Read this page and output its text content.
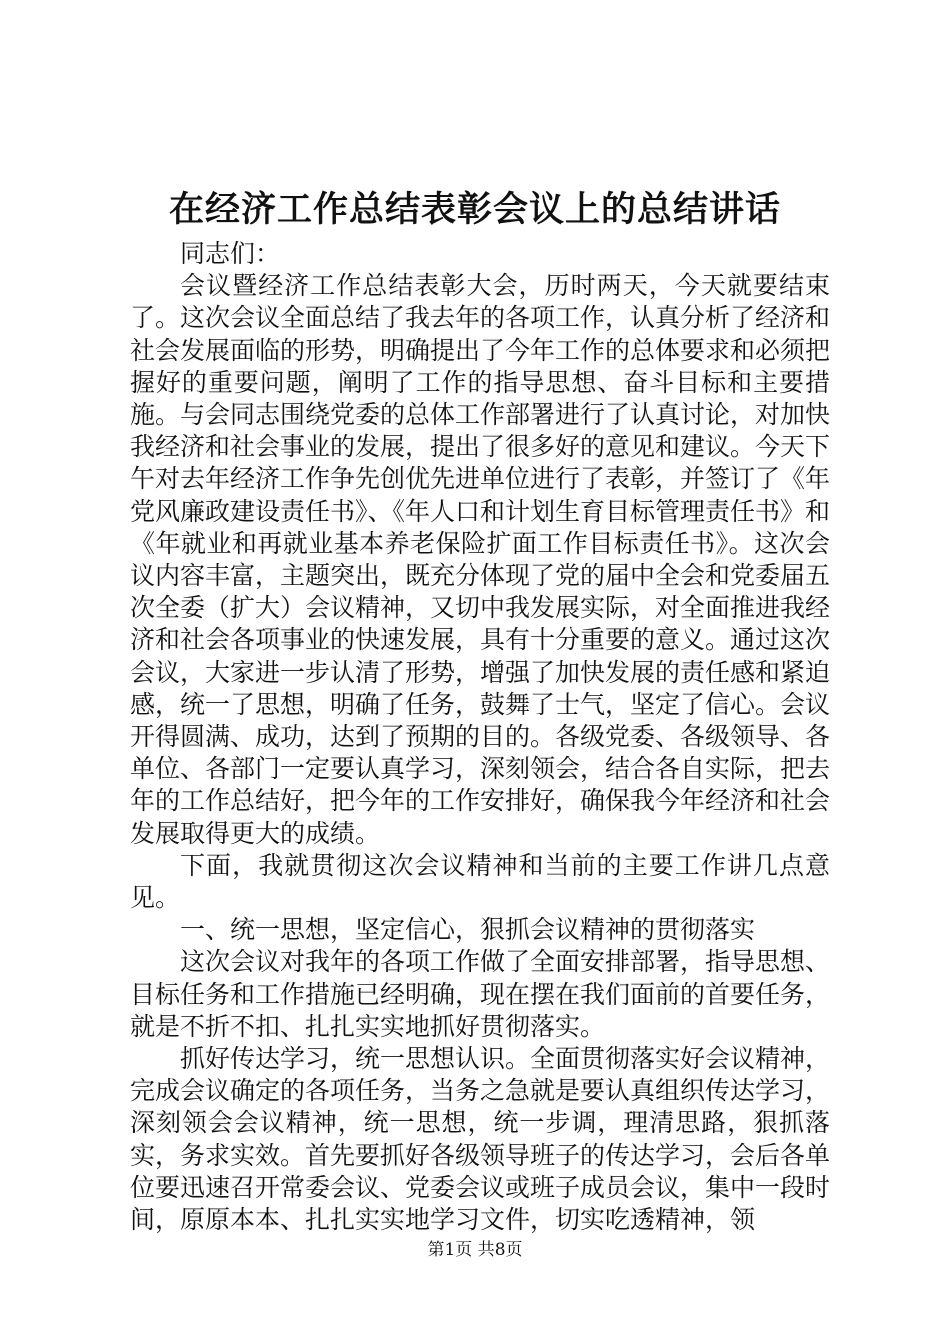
在经济工作总结表彰会议上的总结讲话

同志们：

会议暨经济工作总结表彰大会，历时两天，今天就要结束了。这次会议全面总结了我去年的各项工作，认真分析了经济和社会发展面临的形势，明确提出了今年工作的总体要求和必须把握好的重要问题，阐明了工作的指导思想、奋斗目标和主要措施。与会同志围绕党委的总体工作部署进行了认真讨论，对加快我经济和社会事业的发展，提出了很多好的意见和建议。今天下午对去年经济工作争先创优先进单位进行了表彰，并签订了《年党风廉政建设责任书》、《年人口和计划生育目标管理责任书》和《年就业和再就业基本养老保险扩面工作目标责任书》。这次会议内容丰富，主题突出，既充分体现了党的届中全会和党委届五次全委（扩大）会议精神，又切中我发展实际，对全面推进我经济和社会各项事业的快速发展，具有十分重要的意义。通过这次会议，大家进一步认清了形势，增强了加快发展的责任感和紧迫感，统一了思想，明确了任务，鼓舞了士气，坚定了信心。会议开得圆满、成功，达到了预期的目的。各级党委、各级领导、各单位、各部门一定要认真学习，深刻领会，结合各自实际，把去年的工作总结好，把今年的工作安排好，确保我今年经济和社会发展取得更大的成绩。

下面，我就贯彻这次会议精神和当前的主要工作讲几点意见。

一、统一思想，坚定信心，狠抓会议精神的贯彻落实

这次会议对我年的各项工作做了全面安排部署，指导思想、目标任务和工作措施已经明确，现在摆在我们面前的首要任务，就是不折不扣、扎扎实实地抓好贯彻落实。

抓好传达学习，统一思想认识。全面贯彻落实好会议精神，完成会议确定的各项任务，当务之急就是要认真组织传达学习，深刻领会会议精神，统一思想，统一步调，理清思路，狠抓落实，务求实效。首先要抓好各级领导班子的传达学习，会后各单位要迅速召开常委会议、党委会议或班子成员会议，集中一段时间，原原本本、扎扎实实地学习文件，切实吃透精神，领

第1页 共8页
